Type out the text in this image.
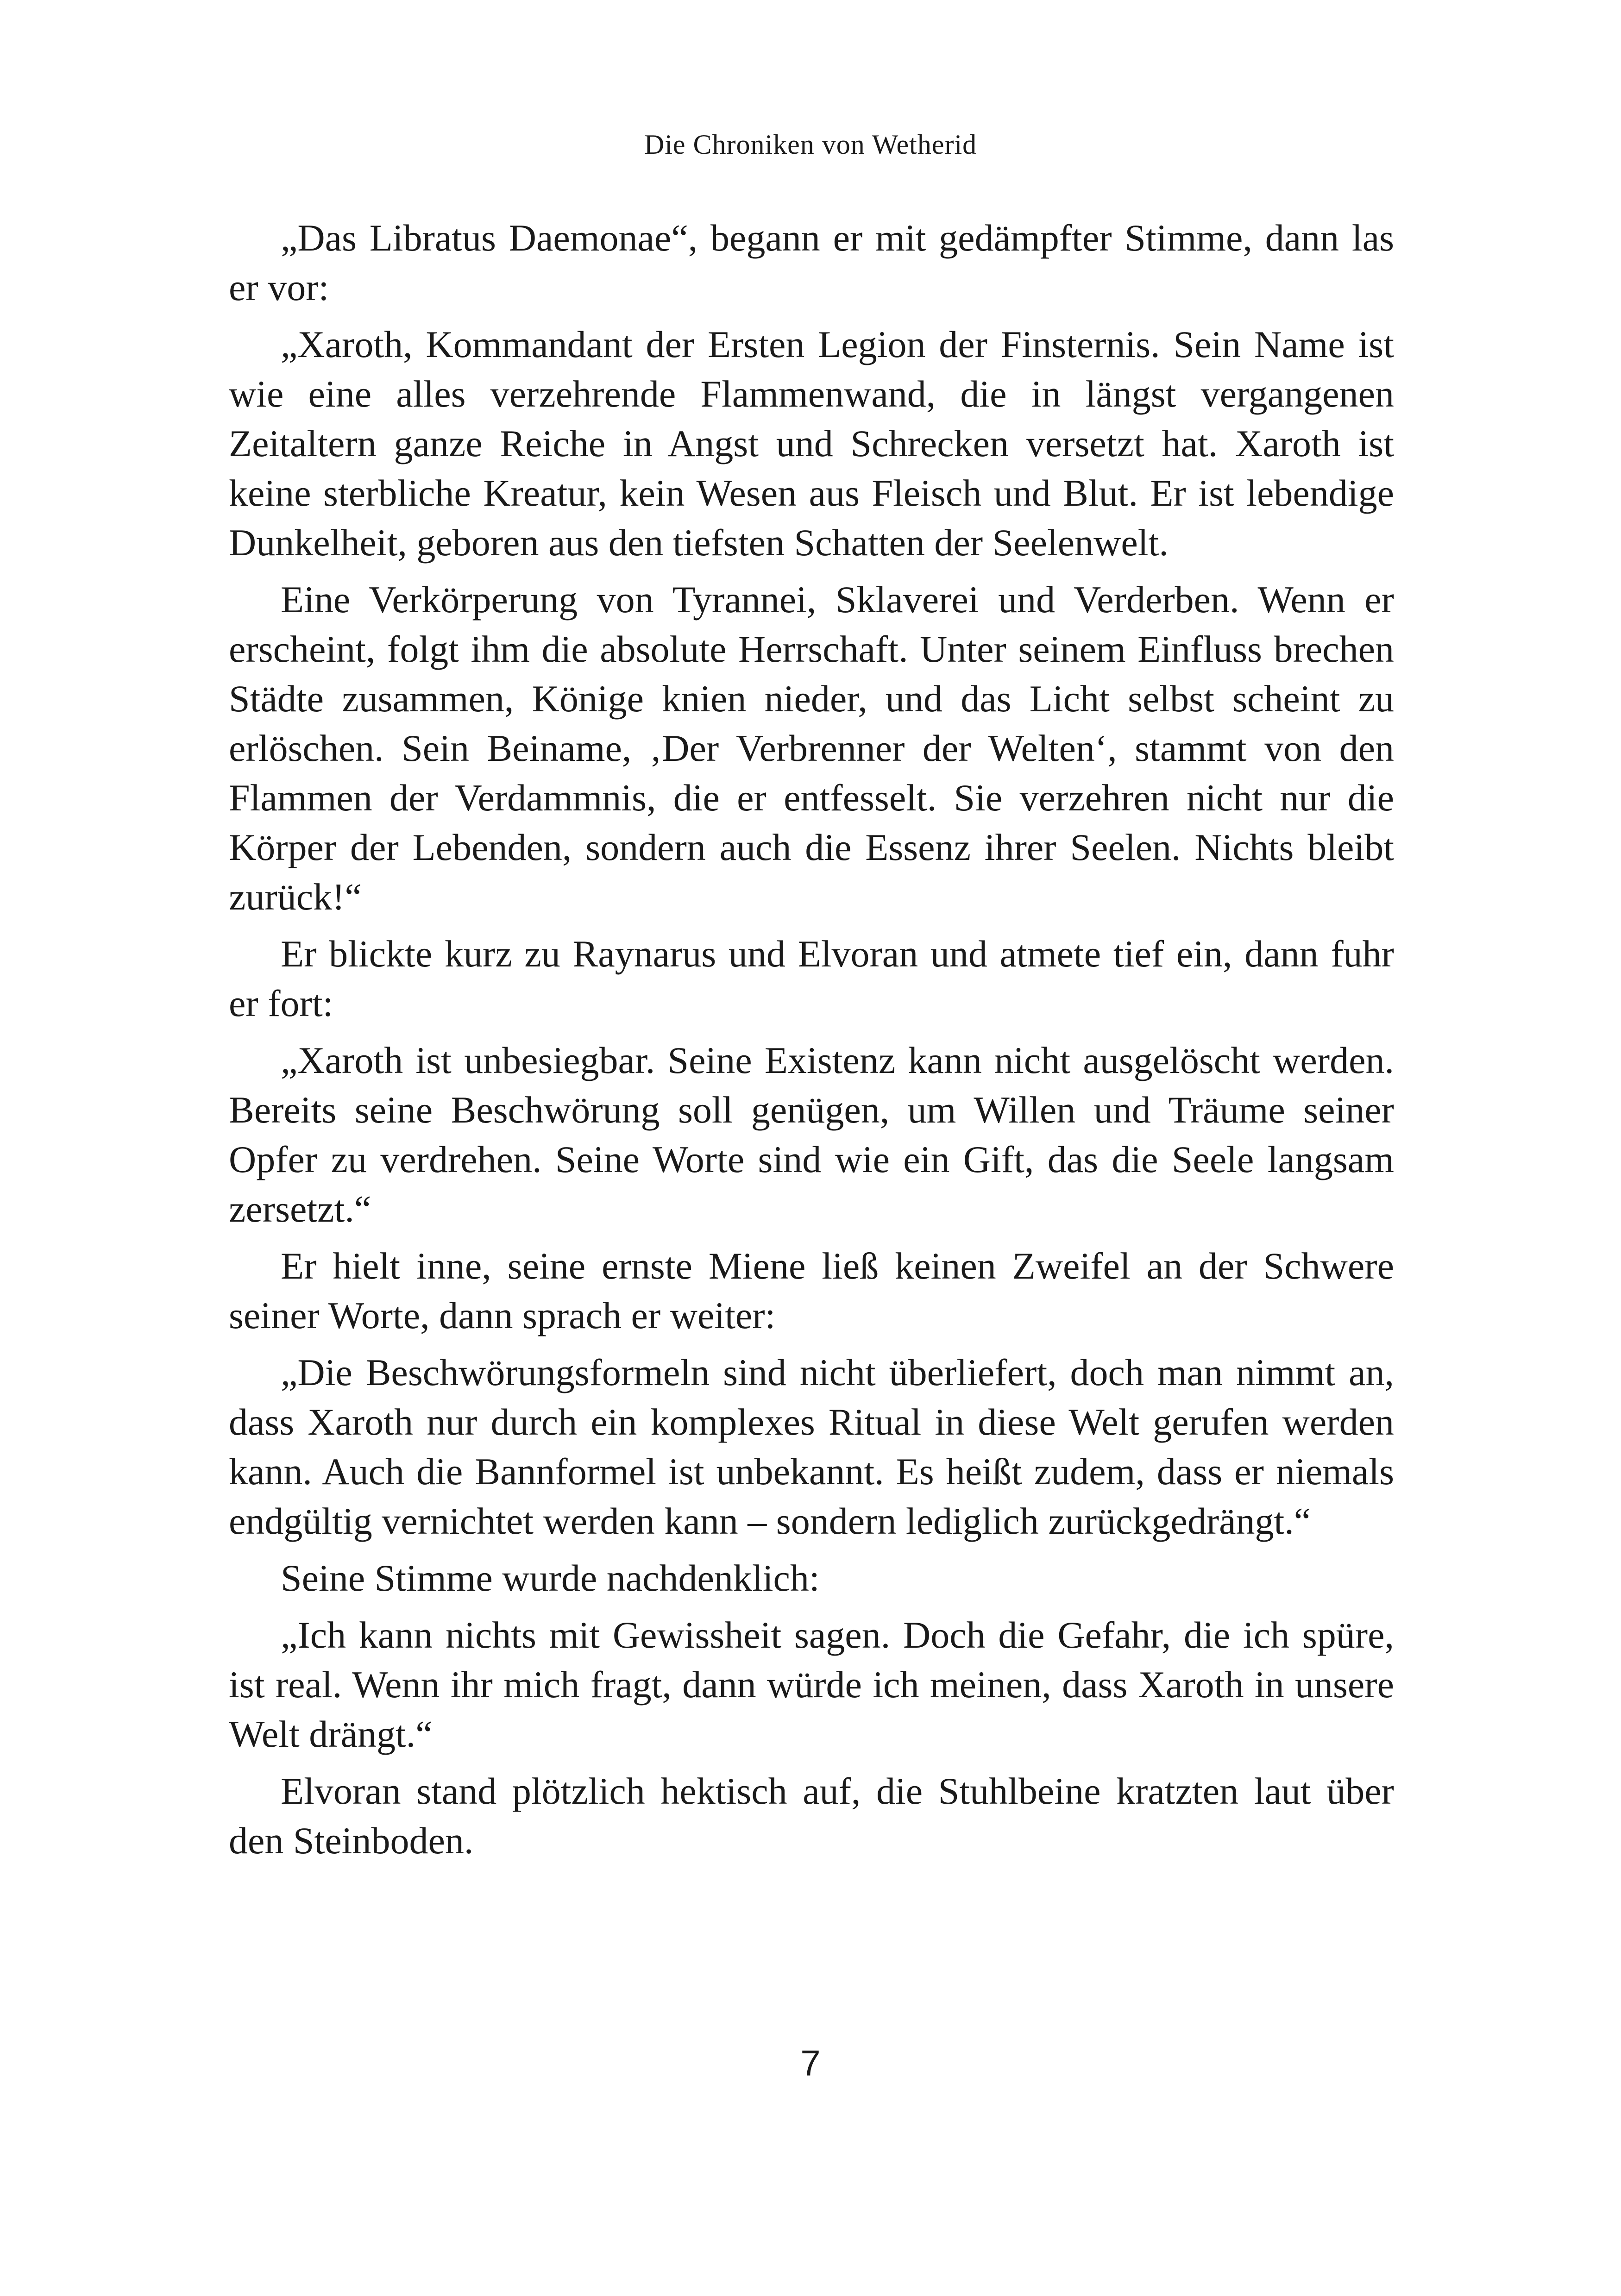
Die Chroniken von Wetherid

„Das Libratus Daemonae“, begann er mit gedämpfter Stimme, dann las er vor:

„Xaroth, Kommandant der Ersten Legion der Finsternis. Sein Name ist wie eine alles verzehrende Flammenwand, die in längst vergangenen Zeitaltern ganze Reiche in Angst und Schrecken versetzt hat. Xaroth ist keine sterbliche Kreatur, kein Wesen aus Fleisch und Blut. Er ist lebendige Dunkelheit, geboren aus den tiefsten Schatten der Seelenwelt.

Eine Verkörperung von Tyrannei, Sklaverei und Verderben. Wenn er erscheint, folgt ihm die absolute Herrschaft. Unter seinem Einfluss brechen Städte zusammen, Könige knien nieder, und das Licht selbst scheint zu erlöschen. Sein Beiname, ‚Der Verbrenner der Welten‘, stammt von den Flammen der Verdammnis, die er entfesselt. Sie verzehren nicht nur die Körper der Lebenden, sondern auch die Essenz ihrer Seelen. Nichts bleibt zurück!“

Er blickte kurz zu Raynarus und Elvoran und atmete tief ein, dann fuhr er fort:

„Xaroth ist unbesiegbar. Seine Existenz kann nicht ausgelöscht werden. Bereits seine Beschwörung soll genügen, um Willen und Träume seiner Opfer zu verdrehen. Seine Worte sind wie ein Gift, das die Seele langsam zersetzt.“

Er hielt inne, seine ernste Miene ließ keinen Zweifel an der Schwere seiner Worte, dann sprach er weiter:

„Die Beschwörungsformeln sind nicht überliefert, doch man nimmt an, dass Xaroth nur durch ein komplexes Ritual in diese Welt gerufen werden kann. Auch die Bannformel ist unbekannt. Es heißt zudem, dass er niemals endgültig vernichtet werden kann – sondern lediglich zurückgedrängt.“

Seine Stimme wurde nachdenklich:

„Ich kann nichts mit Gewissheit sagen. Doch die Gefahr, die ich spüre, ist real. Wenn ihr mich fragt, dann würde ich meinen, dass Xaroth in unsere Welt drängt.“

Elvoran stand plötzlich hektisch auf, die Stuhlbeine kratzten laut über den Steinboden.

7
